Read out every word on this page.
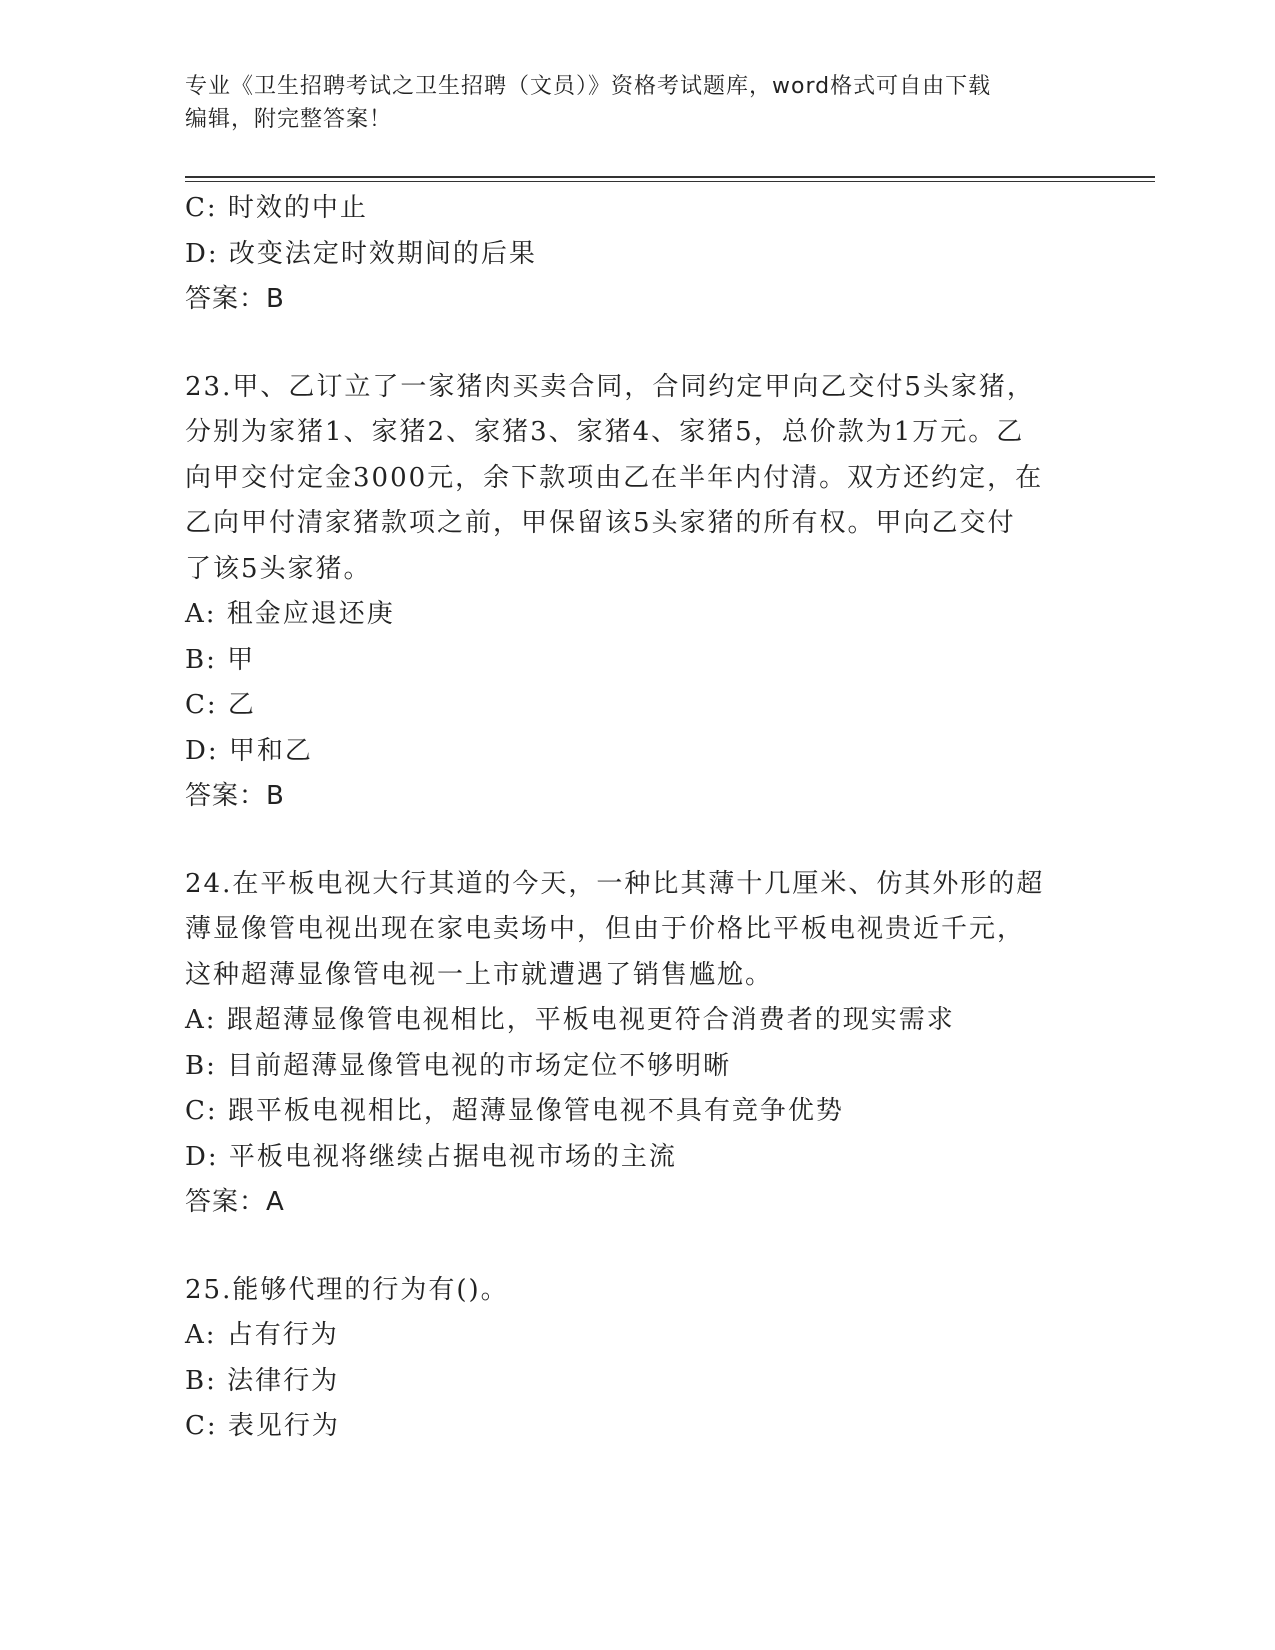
专业《卫生招聘考试之卫生招聘（文员）》资格考试题库，word格式可自由下载
编辑，附完整答案！
C: 时效的中止
D: 改变法定时效期间的后果
答案：B
23.甲、乙订立了一家猪肉买卖合同，合同约定甲向乙交付5头家猪，
分别为家猪1、家猪2、家猪3、家猪4、家猪5，总价款为1万元。乙
向甲交付定金3000元，余下款项由乙在半年内付清。双方还约定，在
乙向甲付清家猪款项之前，甲保留该5头家猪的所有权。甲向乙交付
了该5头家猪。
A: 租金应退还庚
B: 甲
C: 乙
D: 甲和乙
答案：B
24.在平板电视大行其道的今天，一种比其薄十几厘米、仿其外形的超
薄显像管电视出现在家电卖场中，但由于价格比平板电视贵近千元，
这种超薄显像管电视一上市就遭遇了销售尴尬。
A: 跟超薄显像管电视相比，平板电视更符合消费者的现实需求
B: 目前超薄显像管电视的市场定位不够明晰
C: 跟平板电视相比，超薄显像管电视不具有竞争优势
D: 平板电视将继续占据电视市场的主流
答案：A
25.能够代理的行为有()。
A: 占有行为
B: 法律行为
C: 表见行为
